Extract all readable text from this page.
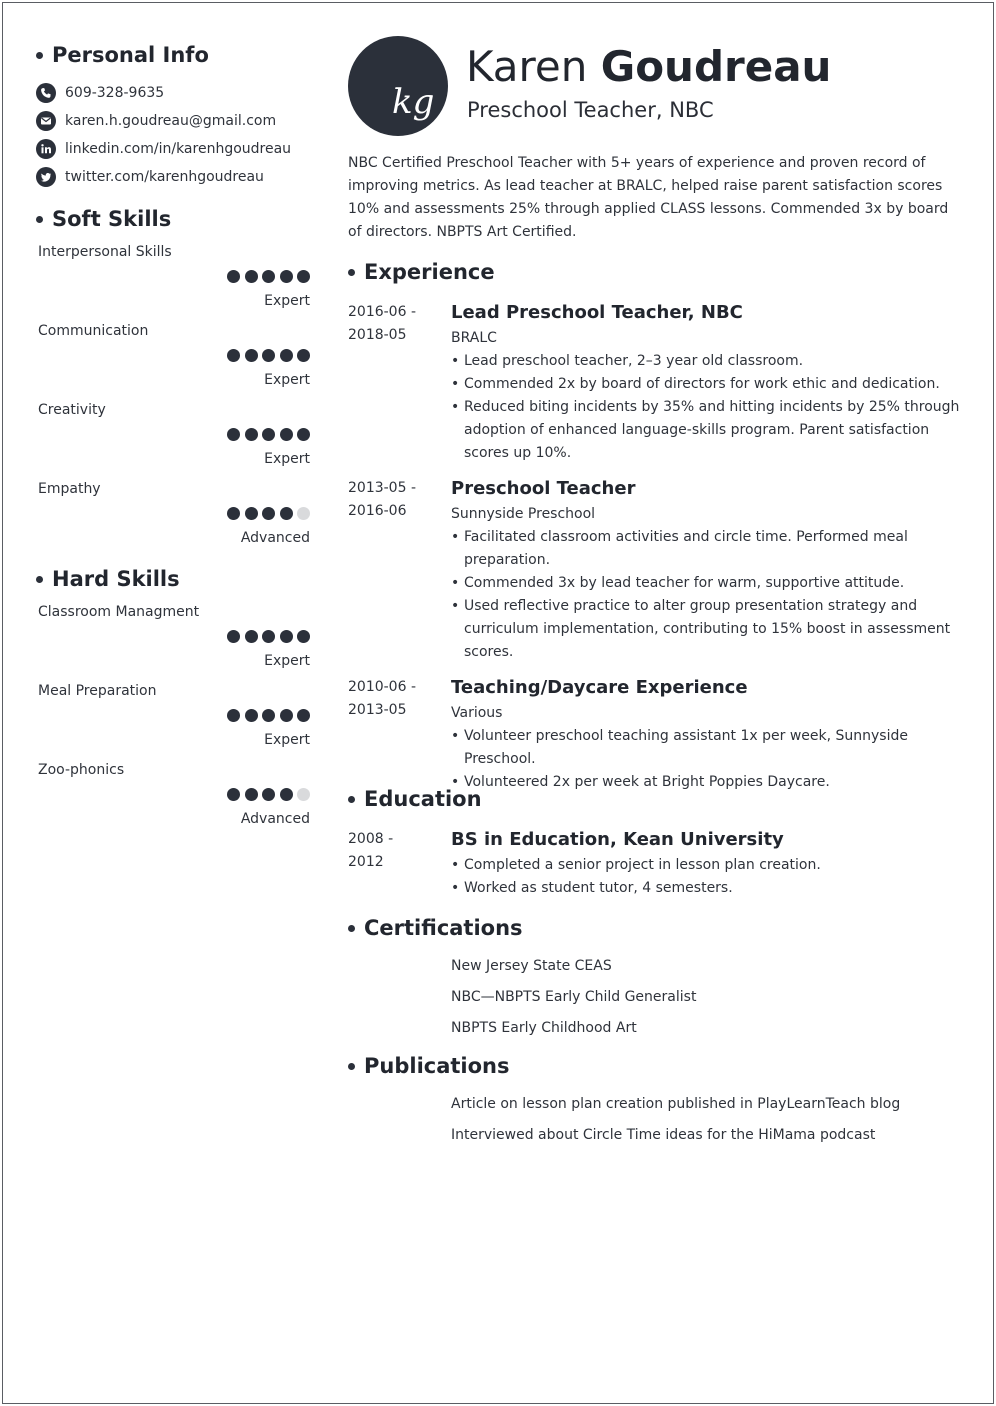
Personal Info
609-328-9635
karen.h.goudreau@gmail.com
linkedin.com/in/karenhgoudreau
twitter.com/karenhgoudreau
Soft Skills
Interpersonal Skills
Expert
Communication
Expert
Creativity
Expert
Empathy
Advanced
Hard Skills
Classroom Managment
Expert
Meal Preparation
Expert
Zoo-phonics
Advanced
kg
Karen Goudreau
Preschool Teacher, NBC
NBC Certified Preschool Teacher with 5+ years of experience and proven record of improving metrics. As lead teacher at BRALC, helped raise parent satisfaction scores 10% and assessments 25% through applied CLASS lessons. Commended 3x by board of directors. NBPTS Art Certified.
Experience
2016-06 -
2018-05
Lead Preschool Teacher, NBC
BRALC
• Lead preschool teacher, 2–3 year old classroom.
• Commended 2x by board of directors for work ethic and dedication.
• Reduced biting incidents by 35% and hitting incidents by 25% through adoption of enhanced language-skills program. Parent satisfaction scores up 10%.
2013-05 -
2016-06
Preschool Teacher
Sunnyside Preschool
• Facilitated classroom activities and circle time. Performed meal preparation.
• Commended 3x by lead teacher for warm, supportive attitude.
• Used reflective practice to alter group presentation strategy and curriculum implementation, contributing to 15% boost in assessment scores.
2010-06 -
2013-05
Teaching/Daycare Experience
Various
• Volunteer preschool teaching assistant 1x per week, Sunnyside Preschool.
• Volunteered 2x per week at Bright Poppies Daycare.
Education
2008 -
2012
BS in Education, Kean University
• Completed a senior project in lesson plan creation.
• Worked as student tutor, 4 semesters.
Certifications
New Jersey State CEAS
NBC—NBPTS Early Child Generalist
NBPTS Early Childhood Art
Publications
Article on lesson plan creation published in PlayLearnTeach blog
Interviewed about Circle Time ideas for the HiMama podcast
